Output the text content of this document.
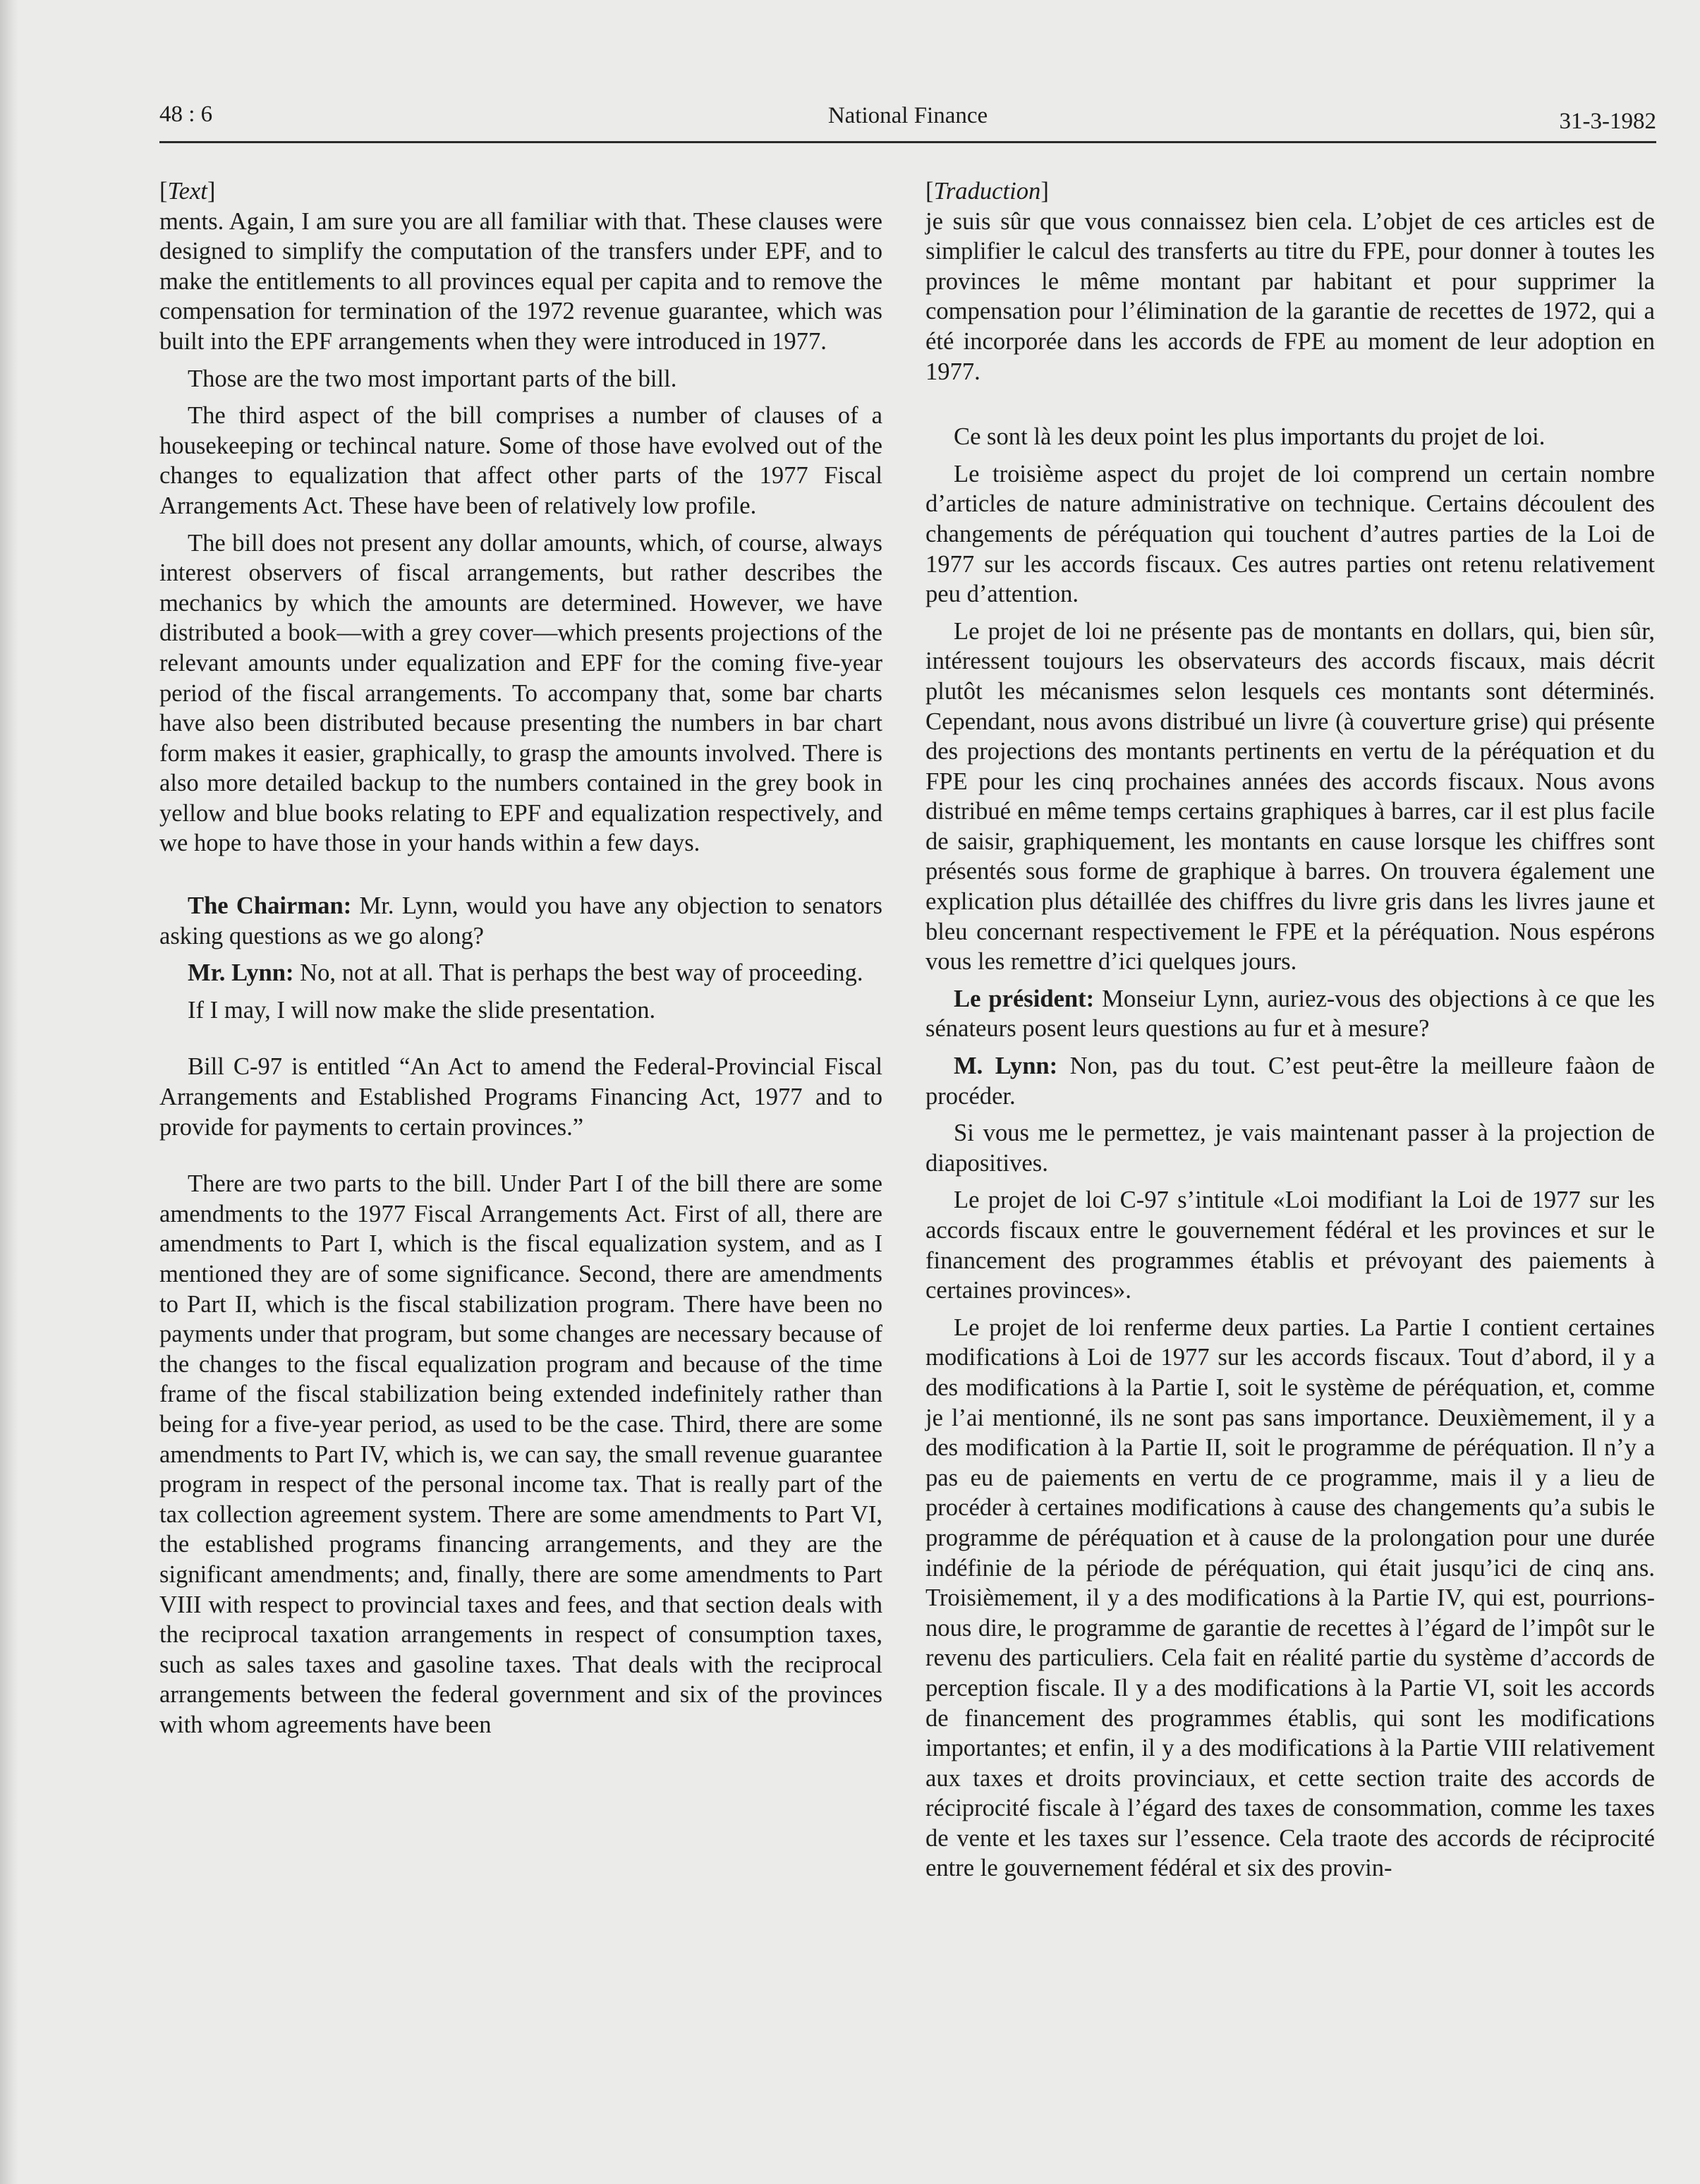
48 : 6	National Finance	31-3-1982

[Text]

ments. Again, I am sure you are all familiar with that. These clauses were designed to simplify the computation of the transfers under EPF, and to make the entitlements to all provinces equal per capita and to remove the compensation for termination of the 1972 revenue guarantee, which was built into the EPF arrangements when they were introduced in 1977.

Those are the two most important parts of the bill.

The third aspect of the bill comprises a number of clauses of a housekeeping or techincal nature. Some of those have evolved out of the changes to equalization that affect other parts of the 1977 Fiscal Arrangements Act. These have been of relatively low profile.

The bill does not present any dollar amounts, which, of course, always interest observers of fiscal arrangements, but rather describes the mechanics by which the amounts are determined. However, we have distributed a book—with a grey cover—which presents projections of the relevant amounts under equalization and EPF for the coming five-year period of the fiscal arrangements. To accompany that, some bar charts have also been distributed because presenting the numbers in bar chart form makes it easier, graphically, to grasp the amounts involved. There is also more detailed backup to the numbers contained in the grey book in yellow and blue books relating to EPF and equalization respectively, and we hope to have those in your hands within a few days.

The Chairman: Mr. Lynn, would you have any objection to senators asking questions as we go along?

Mr. Lynn: No, not at all. That is perhaps the best way of proceeding.

If I may, I will now make the slide presentation.

Bill C-97 is entitled “An Act to amend the Federal-Provincial Fiscal Arrangements and Established Programs Financing Act, 1977 and to provide for payments to certain provinces.”

There are two parts to the bill. Under Part I of the bill there are some amendments to the 1977 Fiscal Arrangements Act. First of all, there are amendments to Part I, which is the fiscal equalization system, and as I mentioned they are of some significance. Second, there are amendments to Part II, which is the fiscal stabilization program. There have been no payments under that program, but some changes are necessary because of the changes to the fiscal equalization program and because of the time frame of the fiscal stabilization being extended indefinitely rather than being for a five-year period, as used to be the case. Third, there are some amendments to Part IV, which is, we can say, the small revenue guarantee program in respect of the personal income tax. That is really part of the tax collection agreement system. There are some amendments to Part VI, the established programs financing arrangements, and they are the significant amendments; and, finally, there are some amendments to Part VIII with respect to provincial taxes and fees, and that section deals with the reciprocal taxation arrangements in respect of consumption taxes, such as sales taxes and gasoline taxes. That deals with the reciprocal arrangements between the federal government and six of the provinces with whom agreements have been

[Traduction]

je suis sûr que vous connaissez bien cela. L’objet de ces articles est de simplifier le calcul des transferts au titre du FPE, pour donner à toutes les provinces le même montant par habitant et pour supprimer la compensation pour l’élimination de la garantie de recettes de 1972, qui a été incorporée dans les accords de FPE au moment de leur adoption en 1977.

Ce sont là les deux point les plus importants du projet de loi.

Le troisième aspect du projet de loi comprend un certain nombre d’articles de nature administrative on technique. Certains découlent des changements de péréquation qui touchent d’autres parties de la Loi de 1977 sur les accords fiscaux. Ces autres parties ont retenu relativement peu d’attention.

Le projet de loi ne présente pas de montants en dollars, qui, bien sûr, intéressent toujours les observateurs des accords fiscaux, mais décrit plutôt les mécanismes selon lesquels ces montants sont déterminés. Cependant, nous avons distribué un livre (à couverture grise) qui présente des projections des montants pertinents en vertu de la péréquation et du FPE pour les cinq prochaines années des accords fiscaux. Nous avons distribué en même temps certains graphiques à barres, car il est plus facile de saisir, graphiquement, les montants en cause lorsque les chiffres sont présentés sous forme de graphique à barres. On trouvera également une explication plus détaillée des chiffres du livre gris dans les livres jaune et bleu concernant respectivement le FPE et la péréquation. Nous espérons vous les remettre d’ici quelques jours.

Le président: Monseiur Lynn, auriez-vous des objections à ce que les sénateurs posent leurs questions au fur et à mesure?

M. Lynn: Non, pas du tout. C’est peut-être la meilleure faàon de procéder.

Si vous me le permettez, je vais maintenant passer à la projection de diapositives.

Le projet de loi C-97 s’intitule «Loi modifiant la Loi de 1977 sur les accords fiscaux entre le gouvernement fédéral et les provinces et sur le financement des programmes établis et prévoyant des paiements à certaines provinces».

Le projet de loi renferme deux parties. La Partie I contient certaines modifications à Loi de 1977 sur les accords fiscaux. Tout d’abord, il y a des modifications à la Partie I, soit le système de péréquation, et, comme je l’ai mentionné, ils ne sont pas sans importance. Deuxièmement, il y a des modification à la Partie II, soit le programme de péréquation. Il n’y a pas eu de paiements en vertu de ce programme, mais il y a lieu de procéder à certaines modifications à cause des changements qu’a subis le programme de péréquation et à cause de la prolongation pour une durée indéfinie de la période de péréquation, qui était jusqu’ici de cinq ans. Troisièmement, il y a des modifications à la Partie IV, qui est, pourrions-nous dire, le programme de garantie de recettes à l’égard de l’impôt sur le revenu des particuliers. Cela fait en réalité partie du système d’accords de perception fiscale. Il y a des modifications à la Partie VI, soit les accords de financement des programmes établis, qui sont les modifications importantes; et enfin, il y a des modifications à la Partie VIII relativement aux taxes et droits provinciaux, et cette section traite des accords de réciprocité fiscale à l’égard des taxes de consommation, comme les taxes de vente et les taxes sur l’essence. Cela traote des accords de réciprocité entre le gouvernement fédéral et six des provin-
